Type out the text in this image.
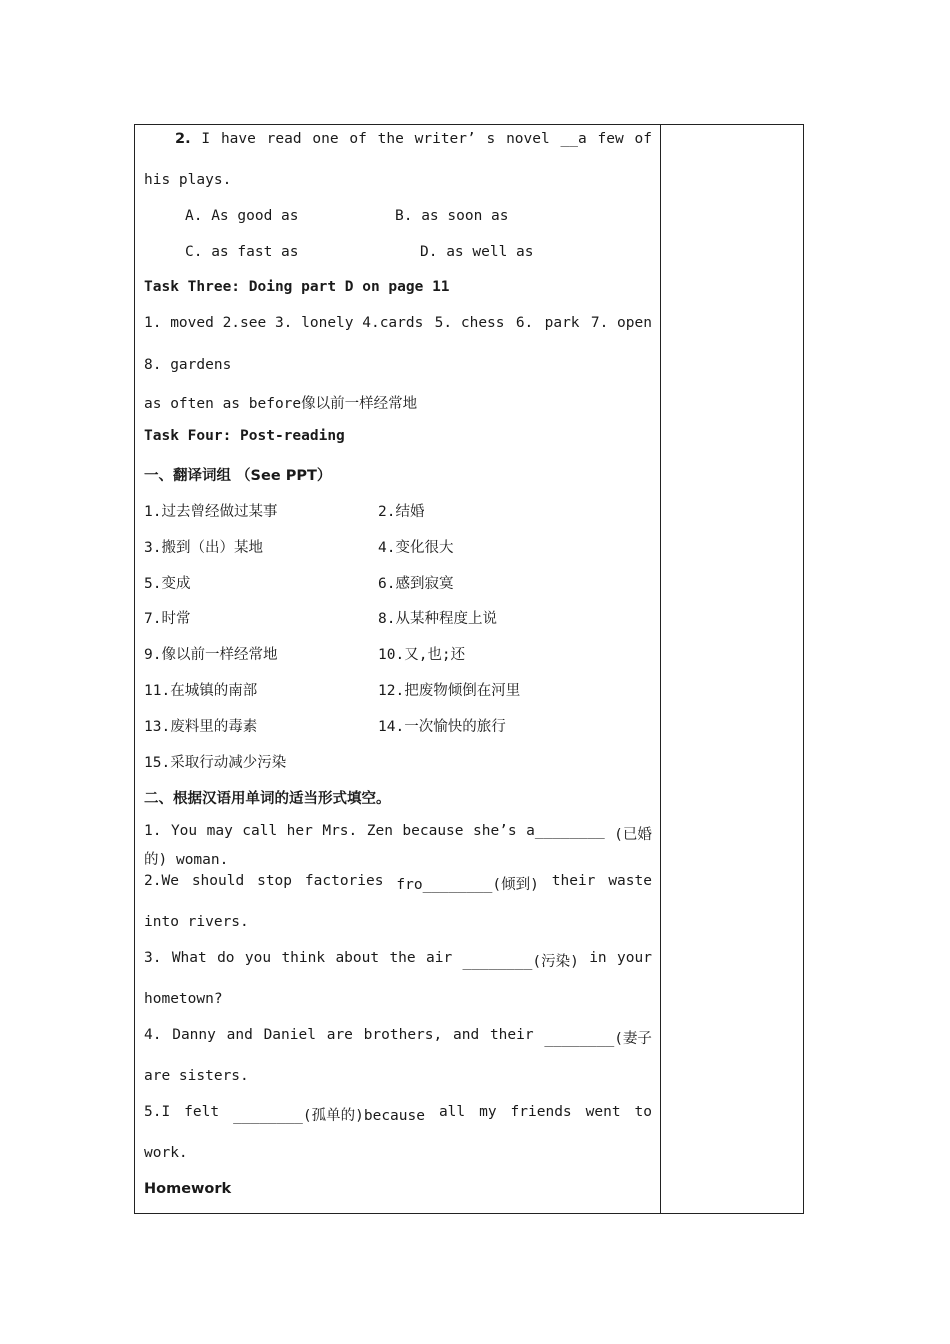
2. I have read one of the writer’ s novel __a few of
his plays.
A. As good as	B. as soon as
C. as fast as	D. as well as
Task Three: Doing part D on page 11
1. moved 2.see 3. lonely 4.cards 5. chess 6. park 7. open
8. gardens
as often as before像以前一样经常地
Task Four: Post-reading
一、翻译词组 （See PPT）
1.过去曾经做过某事	2.结婚
3.搬到（出）某地	4.变化很大
5.变成	6.感到寂寞
7.时常	8.从某种程度上说
9.像以前一样经常地	10.又,也;还
11.在城镇的南部	12.把废物倾倒在河里
13.废料里的毒素	14.一次愉快的旅行
15.采取行动减少污染
二、根据汉语用单词的适当形式填空。
1. You may call her Mrs. Zen because she’s a________ (已婚
的) woman.
2.We should stop factories fro________(倾到) their waste
into rivers.
3. What do you think about the air ________(污染) in your
hometown?
4. Danny and Daniel are brothers, and their ________(妻子
are sisters.
5.I felt ________(孤单的)because all my friends went to
work.
Homework
